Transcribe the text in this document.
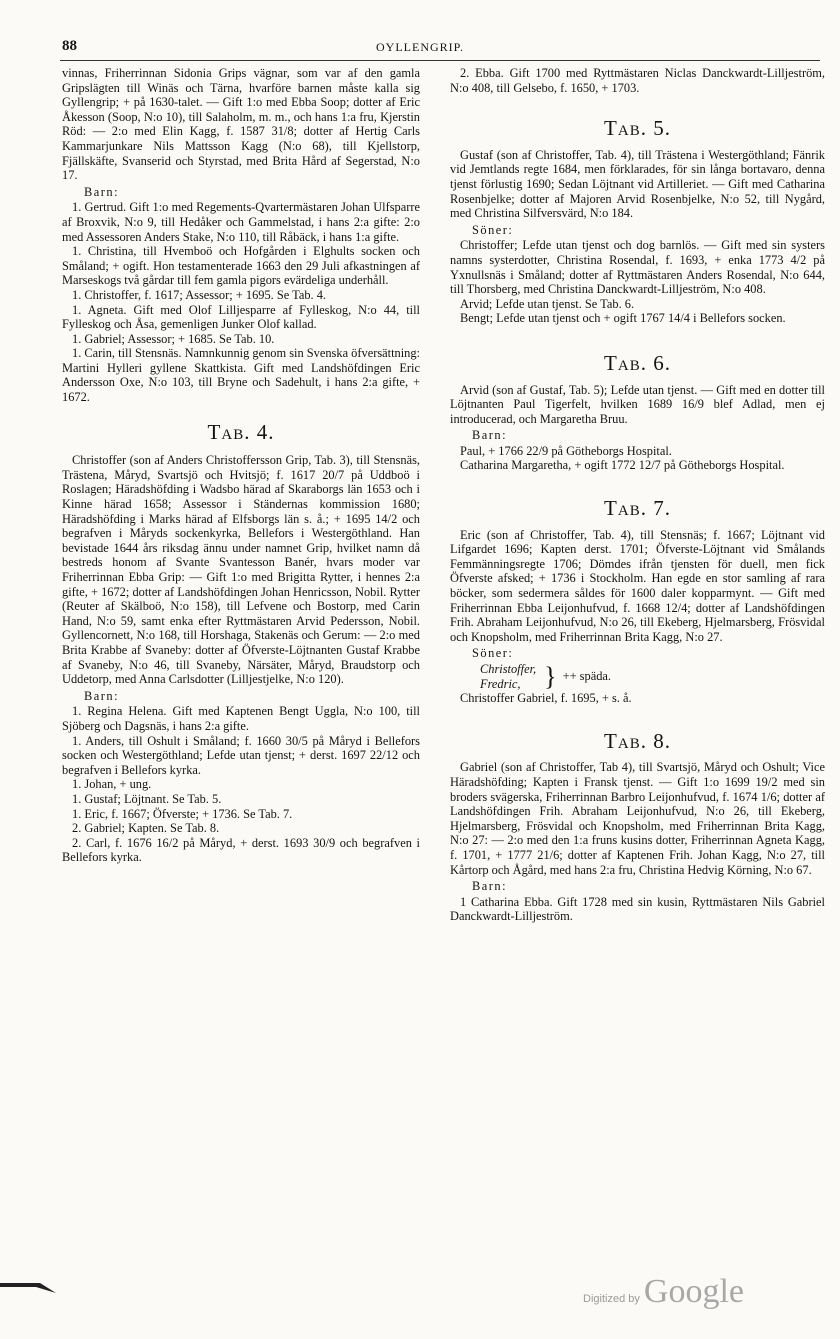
88	OYLLENGRIP.

vinnas, Friherrinnan Sidonia Grips vägnar, som var af den gamla Gripslägten till Winäs och Tärna, hvarföre barnen måste kalla sig Gyllengrip; + på 1630-talet. — Gift 1:o med Ebba Soop; dotter af Eric Åkesson (Soop, N:o 10), till Salaholm, m. m., och hans 1:a fru, Kjerstin Röd: — 2:o med Elin Kagg, f. 1587 31/8; dotter af Hertig Carls Kammarjunkare Nils Mattsson Kagg (N:o 68), till Kjellstorp, Fjällskäfte, Svanserid och Styrstad, med Brita Hård af Segerstad, N:o 17.

Barn:

1. Gertrud. Gift 1:o med Regements-Qvartermästaren Johan Ulfsparre af Broxvik, N:o 9, till Hedåker och Gammelstad, i hans 2:a gifte: 2:o med Assessoren Anders Stake, N:o 110, till Råbäck, i hans 1:a gifte.

1. Christina, till Hvemboö och Hofgården i Elghults socken och Småland; + ogift. Hon testamenterade 1663 den 29 Juli afkastningen af Marseskogs två gårdar till fem gamla pigors evärdeliga underhåll.

1. Christoffer, f. 1617; Assessor; + 1695. Se Tab. 4.

1. Agneta. Gift med Olof Lilljesparre af Fylleskog, N:o 44, till Fylleskog och Åsa, gemenligen Junker Olof kallad.

1. Gabriel; Assessor; + 1685. Se Tab. 10.

1. Carin, till Stensnäs. Namnkunnig genom sin Svenska öfversättning: Martini Hylleri gyllene Skattkista. Gift med Landshöfdingen Eric Andersson Oxe, N:o 103, till Bryne och Sadehult, i hans 2:a gifte, + 1672.

Tab. 4.

Christoffer (son af Anders Christoffersson Grip, Tab. 3), till Stensnäs, Trästena, Måryd, Svartsjö och Hvitsjö; f. 1617 20/7 på Uddboö i Roslagen; Häradshöfding i Wadsbo härad af Skaraborgs län 1653 och i Kinne härad 1658; Assessor i Ständernas kommission 1680; Häradshöfding i Marks härad af Elfsborgs län s. å.; + 1695 14/2 och begrafven i Måryds sockenkyrka, Bellefors i Westergöthland. Han bevistade 1644 års riksdag ännu under namnet Grip, hvilket namn då bestreds honom af Svante Svantesson Banér, hvars moder var Friherrinnan Ebba Grip: — Gift 1:o med Brigitta Rytter, i hennes 2:a gifte, + 1672; dotter af Landshöfdingen Johan Henricsson, Nobil. Rytter (Reuter af Skälboö, N:o 158), till Lefvene och Bostorp, med Carin Hand, N:o 59, samt enka efter Ryttmästaren Arvid Pedersson, Nobil. Gyllencornett, N:o 168, till Horshaga, Stakenäs och Gerum: — 2:o med Brita Krabbe af Svaneby: dotter af Öfverste-Löjtnanten Gustaf Krabbe af Svaneby, N:o 46, till Svaneby, Närsäter, Måryd, Braudstorp och Uddetorp, med Anna Carlsdotter (Lilljestjelke, N:o 120).

Barn:

1. Regina Helena. Gift med Kaptenen Bengt Uggla, N:o 100, till Sjöberg och Dagsnäs, i hans 2:a gifte.

1. Anders, till Oshult i Småland; f. 1660 30/5 på Måryd i Bellefors socken och Westergöthland; Lefde utan tjenst; + derst. 1697 22/12 och begrafven i Bellefors kyrka.

1. Johan, + ung.

1. Gustaf; Löjtnant. Se Tab. 5.

1. Eric, f. 1667; Öfverste; + 1736. Se Tab. 7.

2. Gabriel; Kapten. Se Tab. 8.

2. Carl, f. 1676 16/2 på Måryd, + derst. 1693 30/9 och begrafven i Bellefors kyrka.

2. Ebba. Gift 1700 med Ryttmästaren Niclas Danckwardt-Lilljeström, N:o 408, till Gelsebo, f. 1650, + 1703.

Tab. 5.

Gustaf (son af Christoffer, Tab. 4), till Trästena i Westergöthland; Fänrik vid Jemtlands regte 1684, men förklarades, för sin långa bortavaro, denna tjenst förlustig 1690; Sedan Löjtnant vid Artilleriet. — Gift med Catharina Rosenbjelke; dotter af Majoren Arvid Rosenbjelke, N:o 52, till Nygård, med Christina Silfversvärd, N:o 184.

Söner:

Christoffer; Lefde utan tjenst och dog barnlös. — Gift med sin systers namns systerdotter, Christina Rosendal, f. 1693, + enka 1773 4/2 på Yxnullsnäs i Småland; dotter af Ryttmästaren Anders Rosendal, N:o 644, till Thorsberg, med Christina Danckwardt-Lilljeström, N:o 408.

Arvid; Lefde utan tjenst. Se Tab. 6.

Bengt; Lefde utan tjenst och + ogift 1767 14/4 i Bellefors socken.

Tab. 6.

Arvid (son af Gustaf, Tab. 5); Lefde utan tjenst. — Gift med en dotter till Löjtnanten Paul Tigerfelt, hvilken 1689 16/9 blef Adlad, men ej introducerad, och Margaretha Bruu.

Barn:

Paul, + 1766 22/9 på Götheborgs Hospital.

Catharina Margaretha, + ogift 1772 12/7 på Götheborgs Hospital.

Tab. 7.

Eric (son af Christoffer, Tab. 4), till Stensnäs; f. 1667; Löjtnant vid Lifgardet 1696; Kapten derst. 1701; Öfverste-Löjtnant vid Smålands Femmänningsregte 1706; Dömdes ifrån tjensten för duell, men fick Öfverste afsked; + 1736 i Stockholm. Han egde en stor samling af rara böcker, som sedermera såldes för 1600 daler kopparmynt. — Gift med Friherrinnan Ebba Leijonhufvud, f. 1668 12/4; dotter af Landshöfdingen Frih. Abraham Leijonhufvud, N:o 26, till Ekeberg, Hjelmarsberg, Frösvidal och Knopsholm, med Friherrinnan Brita Kagg, N:o 27.

Söner:

Christoffer,
Fredric, } ++ späda.

Christoffer Gabriel, f. 1695, + s. å.

Tab. 8.

Gabriel (son af Christoffer, Tab 4), till Svartsjö, Måryd och Oshult; Vice Häradshöfding; Kapten i Fransk tjenst. — Gift 1:o 1699 19/2 med sin broders svägerska, Friherrinnan Barbro Leijonhufvud, f. 1674 1/6; dotter af Landshöfdingen Frih. Abraham Leijonhufvud, N:o 26, till Ekeberg, Hjelmarsberg, Frösvidal och Knopsholm, med Friherrinnan Brita Kagg, N:o 27: — 2:o med den 1:a fruns kusins dotter, Friherrinnan Agneta Kagg, f. 1701, + 1777 21/6; dotter af Kaptenen Frih. Johan Kagg, N:o 27, till Kårtorp och Ågård, med hans 2:a fru, Christina Hedvig Körning, N:o 67.

Barn:

1 Catharina Ebba. Gift 1728 med sin kusin, Ryttmästaren Nils Gabriel Danckwardt-Lilljeström.

Digitized by Google
